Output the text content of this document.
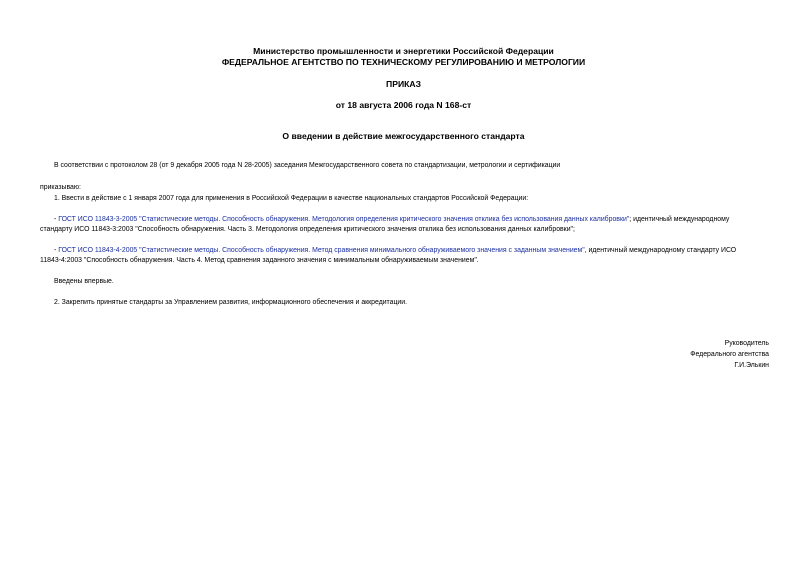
Министерство промышленности и энергетики Российской Федерации
ФЕДЕРАЛЬНОЕ АГЕНТСТВО ПО ТЕХНИЧЕСКОМУ РЕГУЛИРОВАНИЮ И МЕТРОЛОГИИ
ПРИКАЗ
от 18 августа 2006 года N 168-ст
О введении в действие межгосударственного стандарта
В соответствии с протоколом 28 (от 9 декабря 2005 года N 28-2005) заседания Межгосударственного совета по стандартизации, метрологии и сертификации
приказываю:
1. Ввести в действие с 1 января 2007 года для применения в Российской Федерации в качестве национальных стандартов Российской Федерации:
- ГОСТ ИСО 11843-3-2005 "Статистические методы. Способность обнаружения. Методология определения критического значения отклика без использования данных калибровки"; идентичный международному
стандарту ИСО 11843-3:2003 "Способность обнаружения. Часть 3. Методология определения критического значения отклика без использования данных калибровки";
- ГОСТ ИСО 11843-4-2005 "Статистические методы. Способность обнаружения. Метод сравнения минимального обнаруживаемого значения с заданным значением", идентичный международному стандарту ИСО
11843-4:2003 "Способность обнаружения. Часть 4. Метод сравнения заданного значения с минимальным обнаруживаемым значением".
Введены впервые.
2. Закрепить принятые стандарты за Управлением развития, информационного обеспечения и аккредитации.
Руководитель
Федерального агентства
Г.И.Элькин
